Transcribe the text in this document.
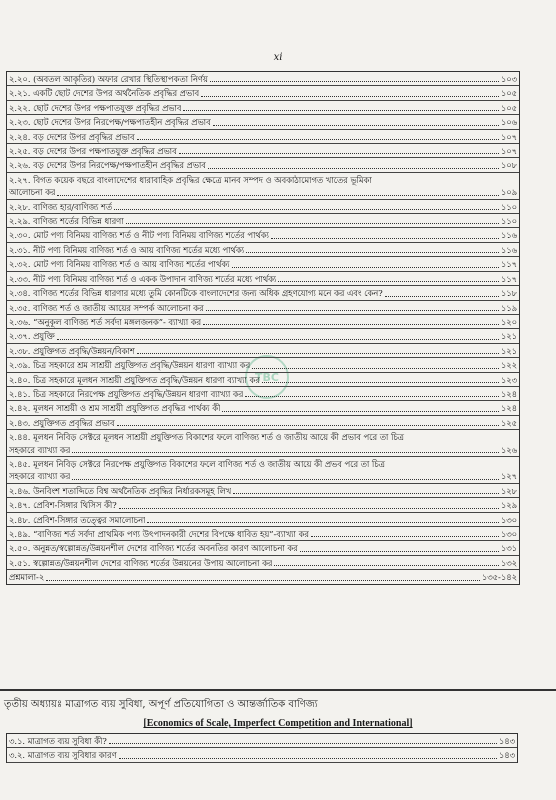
xi
TBC
২.২০. (অবতল আকৃতির) অফার রেখার স্থিতিস্থাপকতা নির্ণয়	১০৩
২.২১. একটি ছোট দেশের উপর অর্থনৈতিক প্রবৃদ্ধির প্রভাব	১০৫
২.২২. ছোট দেশের উপর পক্ষপাতযুক্ত প্রবৃদ্ধির প্রভাব	১০৫
২.২৩. ছোট দেশের উপর নিরপেক্ষ/পক্ষপাতহীন প্রবৃদ্ধির প্রভাব	১০৬
২.২৪. বড় দেশের উপর প্রবৃদ্ধির প্রভাব	১০৭
২.২৫. বড় দেশের উপর পক্ষপাতযুক্ত প্রবৃদ্ধির প্রভাব	১০৭
২.২৬. বড় দেশের উপর নিরপেক্ষ/পক্ষপাতহীন প্রবৃদ্ধির প্রভাব	১০৮
২.২৭. বিগত কয়েক বছরে বাংলাদেশের ধারাবাহিক প্রবৃদ্ধির ক্ষেত্রে মানব সম্পদ ও অবকাঠামোগত খাতের ভূমিকা
আলোচনা কর	১০৯
২.২৮. বাণিজ্য হার/বাণিজ্য শর্ত	১১০
২.২৯. বাণিজ্য শর্তের বিভিন্ন ধারণা	১১০
২.৩০. মোট পণ্য বিনিময় বাণিজ্য শর্ত ও নীট পণ্য বিনিময় বাণিজ্য শর্তের পার্থক্য	১১৬
২.৩১. নীট পণ্য বিনিময় বাণিজ্য শর্ত ও আয় বাণিজ্য শর্তের মধ্যে পার্থক্য	১১৬
২.৩২. মোট পণ্য বিনিময় বাণিজ্য শর্ত ও আয় বাণিজ্য শর্তের পার্থক্য	১১৭
২.৩৩. নীট পণ্য বিনিময় বাণিজ্য শর্ত ও একক উপাদান বাণিজ্য শর্তের মধ্যে পার্থক্য	১১৭
২.৩৪. বাণিজ্য শর্তের বিভিন্ন ধারণার মধ্যে তুমি কোনটিকে বাংলাদেশের জন্য অধিক গ্রহণযোগ্য মনে কর এবং কেন?	১১৮
২.৩৫. বাণিজ্য শর্ত ও জাতীয় আয়ের সম্পর্ক আলোচনা কর	১১৯
২.৩৬. “অনুকূল বাণিজ্য শর্ত সর্বদা মঙ্গলজনক”- ব্যাখ্যা কর	১২০
২.৩৭. প্রযুক্তি	১২১
২.৩৮. প্রযুক্তিগত প্রবৃদ্ধি/উন্নয়ন/বিকাশ	১২১
২.৩৯. চিত্র সহকারে শ্রম সাশ্রয়ী প্রযুক্তিগত প্রবৃদ্ধি/উন্নয়ন ধারণা ব্যাখ্যা কর	১২২
২.৪০. চিত্র সহকারে মূলধন সাশ্রয়ী প্রযুক্তিগত প্রবৃদ্ধি/উন্নয়ন ধারণা ব্যাখ্যা কর	১২৩
২.৪১. চিত্র সহকারে নিরপেক্ষ প্রযুক্তিগত প্রবৃদ্ধি/উন্নয়ন ধারণা ব্যাখ্যা কর	১২৪
২.৪২. মূলধন সাশ্রয়ী ও শ্রম সাশ্রয়ী প্রযুক্তিগত প্রবৃদ্ধির পার্থক্য কী	১২৪
২.৪৩. প্রযুক্তিগত প্রবৃদ্ধির প্রভাব	১২৫
২.৪৪. মূলধন নিবিড় সেক্টরে মূলধন সাশ্রয়ী প্রযুক্তিগত বিকাশের ফলে বাণিজ্য শর্ত ও জাতীয় আয়ে কী প্রভাব পরে তা চিত্র
সহকারে ব্যাখ্যা কর	১২৬
২.৪৫. মূলধন নিবিড় সেক্টরে নিরপেক্ষ প্রযুক্তিগত বিকাশের ফলে বাণিজ্য শর্ত ও জাতীয় আয়ে কী প্রভব পরে তা চিত্র
সহকারে ব্যাখ্যা কর	১২৭
২.৪৬. উনবিংশ শতাব্দিতে বিশ্ব অর্থনৈতিক প্রবৃদ্ধির নির্ধারকসমূহ লিখ	১২৮
২.৪৭. প্রেবিশ-সিঙ্গার থিসিস কী?	১২৯
২.৪৮. প্রেবিশ-সিঙ্গার তত্ত্বের সমালোচনা	১৩০
২.৪৯. “বাণিজ্য শর্ত সর্বদা প্রাথমিক পণ্য উৎপাদনকারী দেশের বিপক্ষে ধাবিত হয়”-ব্যাখ্যা কর	১৩০
২.৫০. অনুন্নত/স্বল্পোন্নত/উন্নয়নশীল দেশের বাণিজ্য শর্তের অবনতির কারণ আলোচনা কর	১৩১
২.৫১. স্বল্পোন্নত/উন্নয়নশীল দেশের বাণিজ্য শর্তের উন্নয়নের উপায় আলোচনা কর	১৩২
প্রশ্নমালা-২	১৩৫-১৪২
তৃতীয় অধ্যায়ঃ মাত্রাগত ব্যয় সুবিধা, অপূর্ণ প্রতিযোগিতা ও আন্তর্জাতিক বাণিজ্য
[Economics of Scale, Imperfect Competition and International]
৩.১. মাত্রাগত ব্যয় সুবিধা কী?	১৪৩
৩.২. মাত্রাগত ব্যয় সুবিধার কারণ	১৪৩
